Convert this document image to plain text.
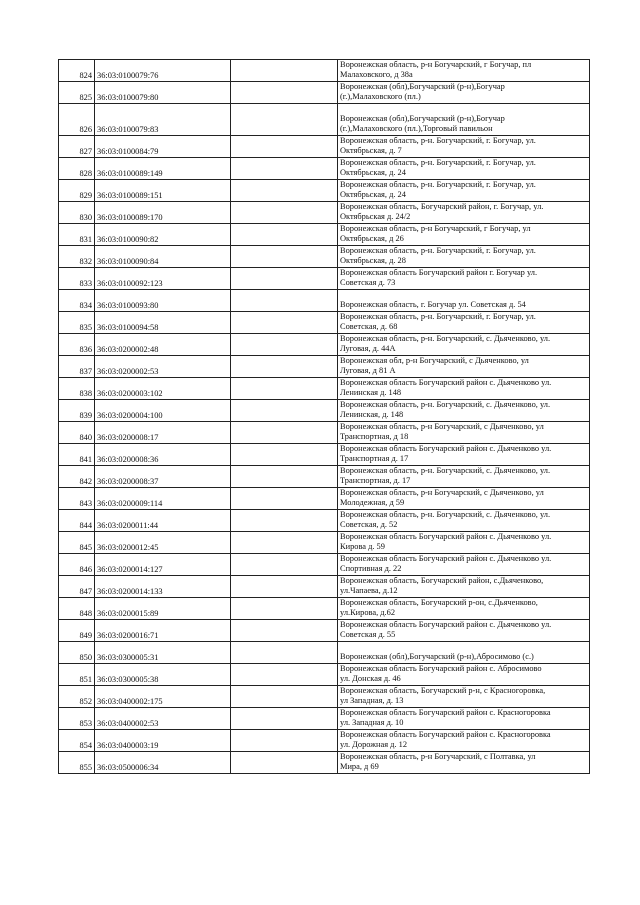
824	36:03:0100079:76		Воронежская область, р-н Богучарский, г Богучар, пл
Малаховского, д 38а
825	36:03:0100079:80		Воронежская (обл),Богучарский (р-н),Богучар
(г.),Малаховского (пл.)
826	36:03:0100079:83		
Воронежская (обл),Богучарский (р-н),Богучар
(г.),Малаховского (пл.),Торговый павильон
827	36:03:0100084:79		Воронежская область, р-н. Богучарский, г. Богучар, ул.
Октябрьская, д. 7
828	36:03:0100089:149		Воронежская область, р-н. Богучарский, г. Богучар, ул.
Октябрьская, д. 24
829	36:03:0100089:151		Воронежская область, р-н. Богучарский, г. Богучар, ул.
Октябрьская, д. 24
830	36:03:0100089:170		Воронежская область, Богучарский район, г. Богучар, ул.
Октябрьская д. 24/2
831	36:03:0100090:82		Воронежская область, р-н Богучарский, г Богучар, ул
Октябрьская, д 26
832	36:03:0100090:84		Воронежская область, р-н. Богучарский, г. Богучар, ул.
Октябрьская, д. 28
833	36:03:0100092:123		Воронежская область Богучарский район г. Богучар ул.
Советская д. 73
834	36:03:0100093:80		
Воронежская область, г. Богучар ул. Советская д. 54
835	36:03:0100094:58		Воронежская область, р-н. Богучарский, г. Богучар, ул.
Советская, д. 68
836	36:03:0200002:48		Воронежская область, р-н. Богучарский, с. Дьяченково, ул.
Луговая, д. 44А
837	36:03:0200002:53		Воронежская обл, р-н Богучарский, с Дьяченково, ул
Луговая, д 81 А
838	36:03:0200003:102		Воронежская область Богучарский район с. Дьяченково ул.
Ленинская д. 148
839	36:03:0200004:100		Воронежская область, р-н. Богучарский, с. Дьяченково, ул.
Ленинская, д. 148
840	36:03:0200008:17		Воронежская область, р-н Богучарский, с Дьяченково, ул
Транспортная, д 18
841	36:03:0200008:36		Воронежская область Богучарский район с. Дьяченково ул.
Транспортная д. 17
842	36:03:0200008:37		Воронежская область, р-н. Богучарский, с. Дьяченково, ул.
Транспортная, д. 17
843	36:03:0200009:114		Воронежская область, р-н Богучарский, с Дьяченково, ул
Молодежная, д 59
844	36:03:0200011:44		Воронежская область, р-н. Богучарский, с. Дьяченково, ул.
Советская, д. 52
845	36:03:0200012:45		Воронежская область Богучарский район с. Дьяченково ул.
Кирова д. 59
846	36:03:0200014:127		Воронежская область Богучарский район с. Дьяченково ул.
Спортивная д. 22
847	36:03:0200014:133		Воронежская область, Богучарский район, с.Дьяченково,
ул.Чапаева, д.12
848	36:03:0200015:89		Воронежская область, Богучарский р-он, с.Дьяченково,
ул.Кирова, д.62
849	36:03:0200016:71		Воронежская область Богучарский район с. Дьяченково ул.
Советская д. 55
850	36:03:0300005:31		
Воронежская (обл),Богучарский (р-н),Абросимово (с.)
851	36:03:0300005:38		Воронежская область Богучарский район с. Абросимово
ул. Донская д. 46
852	36:03:0400002:175		Воронежская область, Богучарский р-н, с Красногоровка,
ул Западная, д. 13
853	36:03:0400002:53		Воронежская область Богучарский район с. Красногоровка
ул. Западная д. 10
854	36:03:0400003:19		Воронежская область Богучарский район с. Красногоровка
ул. Дорожная д. 12
855	36:03:0500006:34		Воронежская область, р-н Богучарский, с Полтавка, ул
Мира, д 69
